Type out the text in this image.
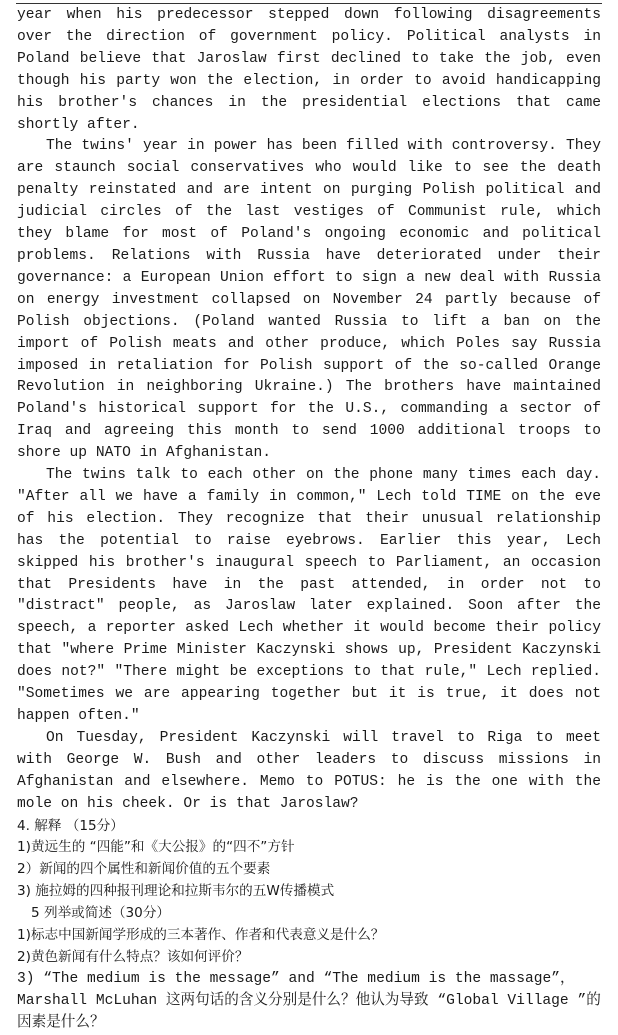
year when his predecessor stepped down following disagreements over the direction of government policy. Political analysts in Poland believe that Jaroslaw first declined to take the job, even though his party won the election, in order to avoid handicapping his brother's chances in the presidential elections that came shortly after.

The twins' year in power has been filled with controversy. They are staunch social conservatives who would like to see the death penalty reinstated and are intent on purging Polish political and judicial circles of the last vestiges of Communist rule, which they blame for most of Poland's ongoing economic and political problems. Relations with Russia have deteriorated under their governance: a European Union effort to sign a new deal with Russia on energy investment collapsed on November 24 partly because of Polish objections. (Poland wanted Russia to lift a ban on the import of Polish meats and other produce, which Poles say Russia imposed in retaliation for Polish support of the so-called Orange Revolution in neighboring Ukraine.) The brothers have maintained Poland's historical support for the U.S., commanding a sector of Iraq and agreeing this month to send 1000 additional troops to shore up NATO in Afghanistan.

The twins talk to each other on the phone many times each day. "After all we have a family in common," Lech told TIME on the eve of his election. They recognize that their unusual relationship has the potential to raise eyebrows. Earlier this year, Lech skipped his brother's inaugural speech to Parliament, an occasion that Presidents have in the past attended, in order not to "distract" people, as Jaroslaw later explained. Soon after the speech, a reporter asked Lech whether it would become their policy that "where Prime Minister Kaczynski shows up, President Kaczynski does not?" "There might be exceptions to that rule," Lech replied. "Sometimes we are appearing together but it is true, it does not happen often."

On Tuesday, President Kaczynski will travel to Riga to meet with George W. Bush and other leaders to discuss missions in Afghanistan and elsewhere. Memo to POTUS: he is the one with the mole on his cheek. Or is that Jaroslaw?

4. 解释 （15分）
1)黄远生的 “四能”和《大公报》的“四不”方针
2）新闻的四个属性和新闻价值的五个要素
3) 施拉姆的四种报刊理论和拉斯韦尔的五W传播模式
5 列举或简述（30分）
1)标志中国新闻学形成的三本著作、作者和代表意义是什么？
2)黄色新闻有什么特点？该如何评价？
3) “The medium is the message” and “The medium is the massage”， Marshall McLuhan 这两句话的含义分别是什么？他认为导致 “Global Village ”的因素是什么？
